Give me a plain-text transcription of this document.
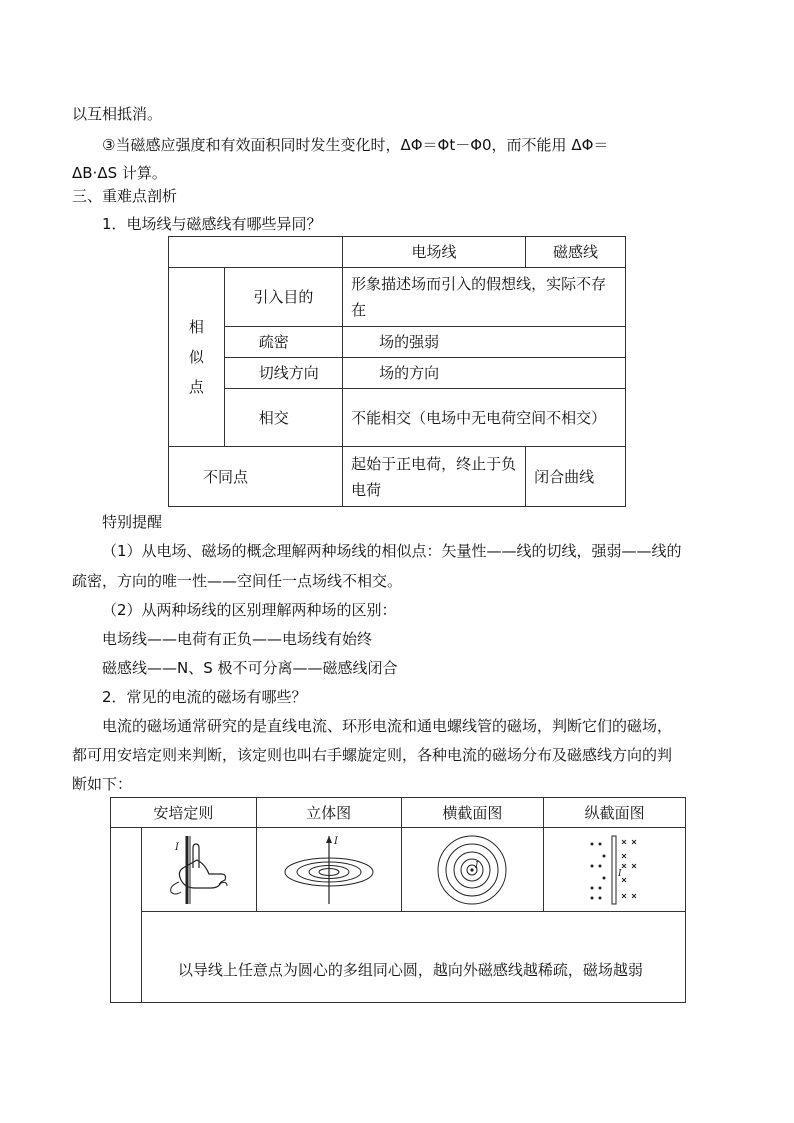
以互相抵消。
③当磁感应强度和有效面积同时发生变化时，ΔΦ＝Φt－Φ0，而不能用 ΔΦ＝
ΔB·ΔS 计算。
三、重难点剖析
1．电场线与磁感线有哪些异同？
		电场线	磁感线

相似点	引入目的	形象描述场而引入的假想线，实际不存在	

	疏密	场的强弱	
	切线方向	场的方向	
	相交	不能相交（电场中无电荷空间不相交）	

不同点		起始于正电荷，终止于负电荷	闭合曲线
特别提醒
（1）从电场、磁场的概念理解两种场线的相似点：矢量性——线的切线，强弱——线的
疏密，方向的唯一性——空间任一点场线不相交。
（2）从两种场线的区别理解两种场的区别：
电场线——电荷有正负——电场线有始终
磁感线——N、S 极不可分离——磁感线闭合
2．常见的电流的磁场有哪些？
电流的磁场通常研究的是直线电流、环形电流和通电螺线管的磁场，判断它们的磁场，
都可用安培定则来判断，该定则也叫右手螺旋定则，各种电流的磁场分布及磁感线方向的判
断如下：
安培定则		立体图	横截面图	纵截面图

I	I	I	I

	以导线上任意点为圆心的多组同心圆，越向外磁感线越稀疏，磁场越弱			
